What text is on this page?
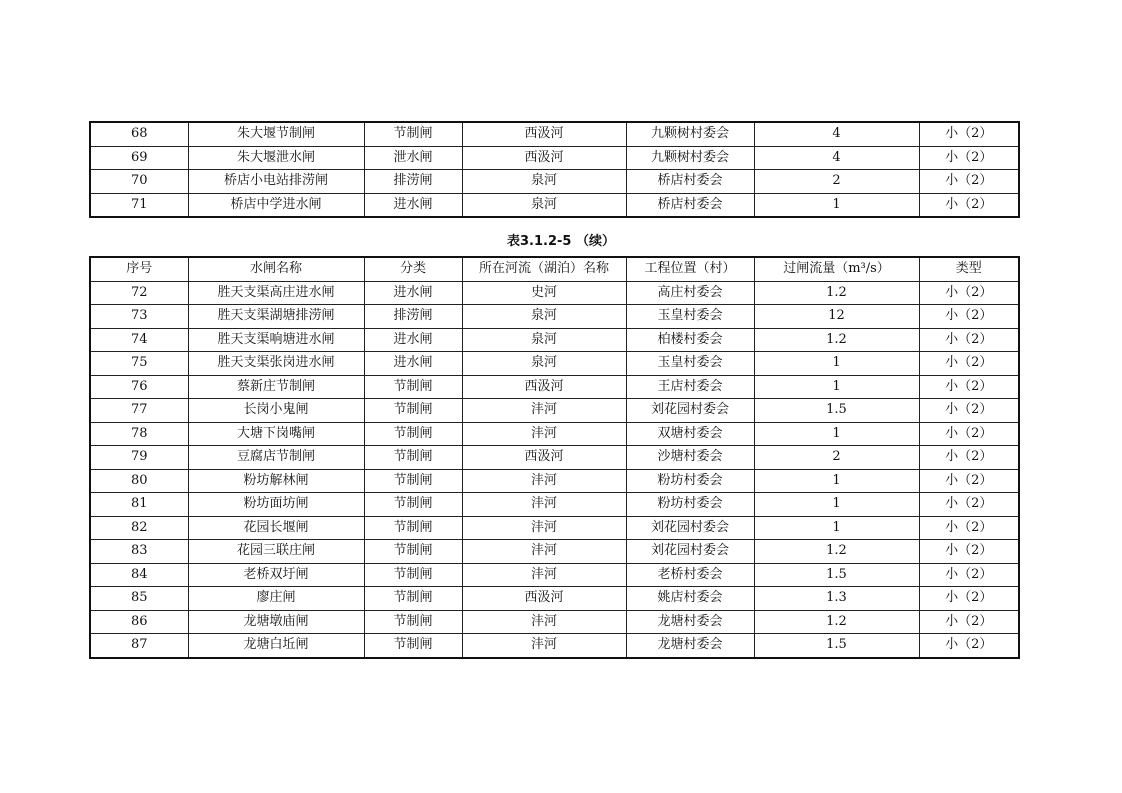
68	朱大堰节制闸	节制闸	西汲河	九颗树村委会	4	小（2）
69	朱大堰泄水闸	泄水闸	西汲河	九颗树村委会	4	小（2）
70	桥店小电站排涝闸	排涝闸	泉河	桥店村委会	2	小（2）
71	桥店中学进水闸	进水闸	泉河	桥店村委会	1	小（2）
表3.1.2-5 （续）
序号	水闸名称	分类	所在河流（湖泊）名称	工程位置（村）	过闸流量（m³/s）	类型
72	胜天支渠高庄进水闸	进水闸	史河	高庄村委会	1.2	小（2）
73	胜天支渠湖塘排涝闸	排涝闸	泉河	玉皇村委会	12	小（2）
74	胜天支渠响塘进水闸	进水闸	泉河	柏楼村委会	1.2	小（2）
75	胜天支渠张岗进水闸	进水闸	泉河	玉皇村委会	1	小（2）
76	蔡新庄节制闸	节制闸	西汲河	王店村委会	1	小（2）
77	长岗小鬼闸	节制闸	沣河	刘花园村委会	1.5	小（2）
78	大塘下岗嘴闸	节制闸	沣河	双塘村委会	1	小（2）
79	豆腐店节制闸	节制闸	西汲河	沙塘村委会	2	小（2）
80	粉坊解林闸	节制闸	沣河	粉坊村委会	1	小（2）
81	粉坊面坊闸	节制闸	沣河	粉坊村委会	1	小（2）
82	花园长堰闸	节制闸	沣河	刘花园村委会	1	小（2）
83	花园三联庄闸	节制闸	沣河	刘花园村委会	1.2	小（2）
84	老桥双圩闸	节制闸	沣河	老桥村委会	1.5	小（2）
85	廖庄闸	节制闸	西汲河	姚店村委会	1.3	小（2）
86	龙塘墩庙闸	节制闸	沣河	龙塘村委会	1.2	小（2）
87	龙塘白坵闸	节制闸	沣河	龙塘村委会	1.5	小（2）
